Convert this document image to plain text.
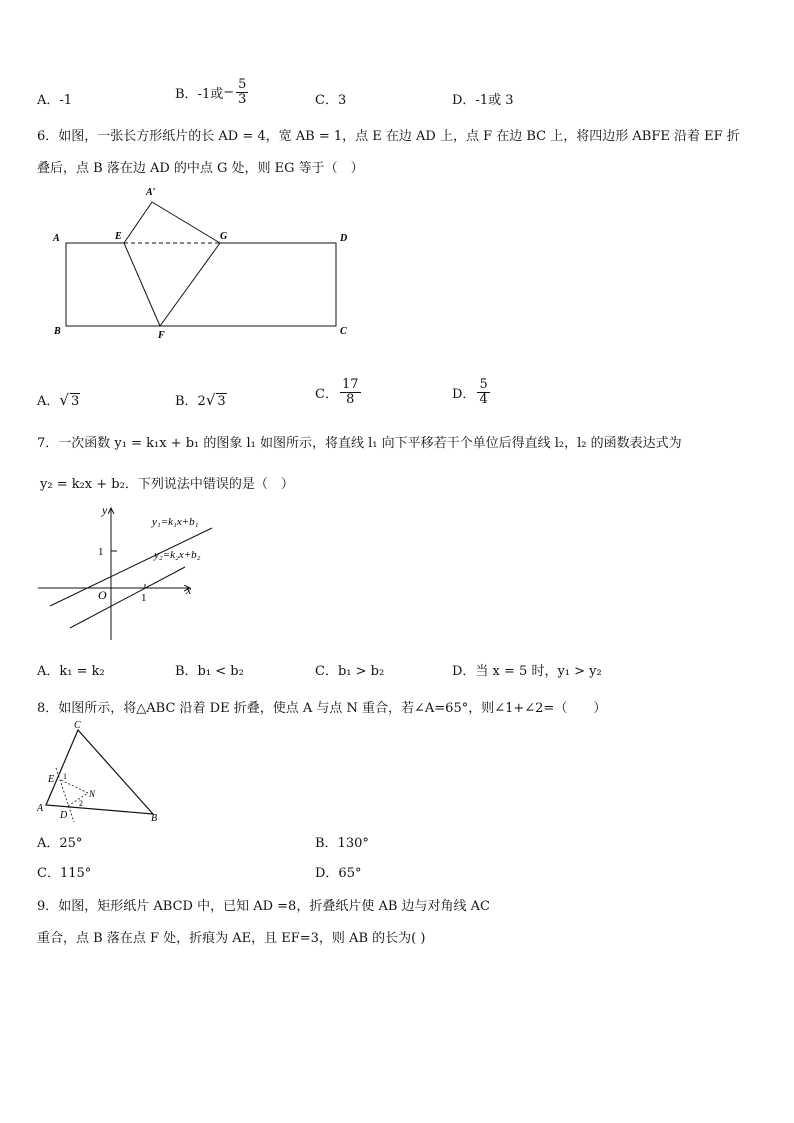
A．-1	B．-1或 − $\frac{5}{3}$	C．3	D．-1或 3
6．如图，一张长方形纸片的长 AD = 4，宽 AB = 1，点 E 在边 AD 上，点 F 在边 BC 上，将四边形 ABFE 沿着 EF 折
叠后，点 B 落在边 AD 的中点 G 处，则 EG 等于（　）
A′
A	E	G	D
B	F	C
A．√ 3	B．2√ 3	C． $\frac{17}{8}$	D． $\frac{5}{4}$
7．一次函数 y₁ = k₁x + b₁ 的图象 l₁ 如图所示，将直线 l₁ 向下平移若干个单位后得直线 l₂，l₂ 的函数表达式为
y₂ = k₂x + b₂．下列说法中错误的是（　）
y
x
O
1
1
y₁=k₁x+b₁
y₂=k₂x+b₂
A．k₁ = k₂	B．b₁ < b₂	C．b₁ > b₂	D．当 x = 5 时，y₁ > y₂
8．如图所示，将△ABC 沿着 DE 折叠，使点 A 与点 N 重合，若∠A=65°，则∠1+∠2=（　　）
C
E 1
N
2
A
D	B
A．25°	B．130°
C．115°	D．65°
9．如图，矩形纸片 ABCD 中，已知 AD =8，折叠纸片使 AB 边与对角线 AC
重合，点 B 落在点 F 处，折痕为 AE，且 EF=3，则 AB 的长为( )
